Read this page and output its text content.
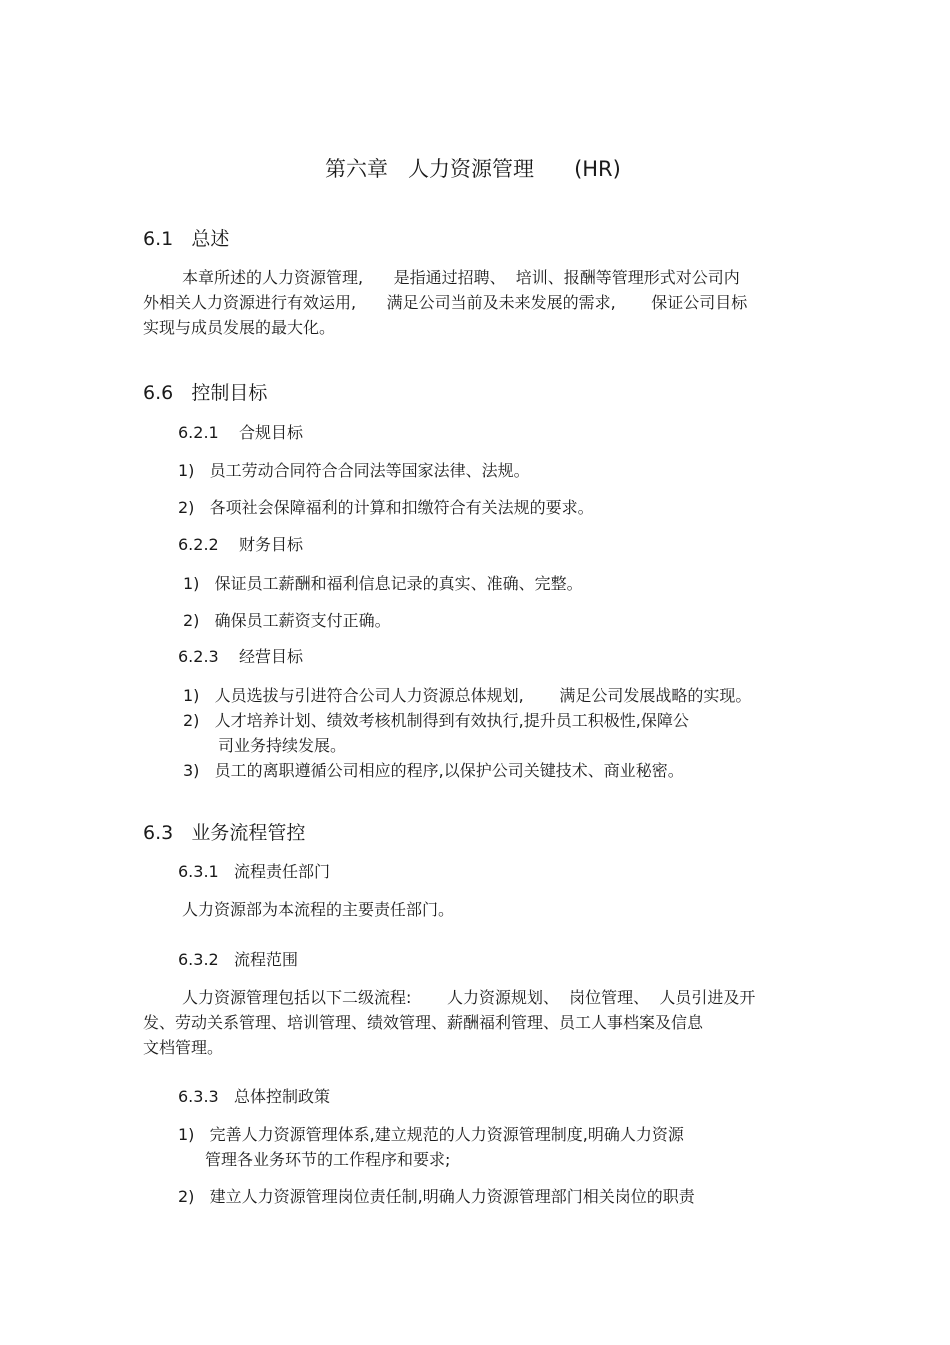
第六章   人力资源管理      (HR)
6.1   总述
本章所述的人力资源管理,      是指通过招聘、  培训、报酬等管理形式对公司内
外相关人力资源进行有效运用,      满足公司当前及未来发展的需求,       保证公司目标
实现与成员发展的最大化。
6.6   控制目标
6.2.1    合规目标
1)   员工劳动合同符合合同法等国家法律、法规。
2)   各项社会保障福利的计算和扣缴符合有关法规的要求。
6.2.2    财务目标
1)   保证员工薪酬和福利信息记录的真实、准确、完整。
2)   确保员工薪资支付正确。
6.2.3    经营目标
1)   人员选拔与引进符合公司人力资源总体规划,       满足公司发展战略的实现。
2)   人才培养计划、绩效考核机制得到有效执行,提升员工积极性,保障公
司业务持续发展。
3)   员工的离职遵循公司相应的程序,以保护公司关键技术、商业秘密。
6.3   业务流程管控
6.3.1   流程责任部门
人力资源部为本流程的主要责任部门。
6.3.2   流程范围
人力资源管理包括以下二级流程:       人力资源规划、  岗位管理、  人员引进及开
发、劳动关系管理、培训管理、绩效管理、薪酬福利管理、员工人事档案及信息
文档管理。
6.3.3   总体控制政策
1)   完善人力资源管理体系,建立规范的人力资源管理制度,明确人力资源
管理各业务环节的工作程序和要求;
2)   建立人力资源管理岗位责任制,明确人力资源管理部门相关岗位的职责
